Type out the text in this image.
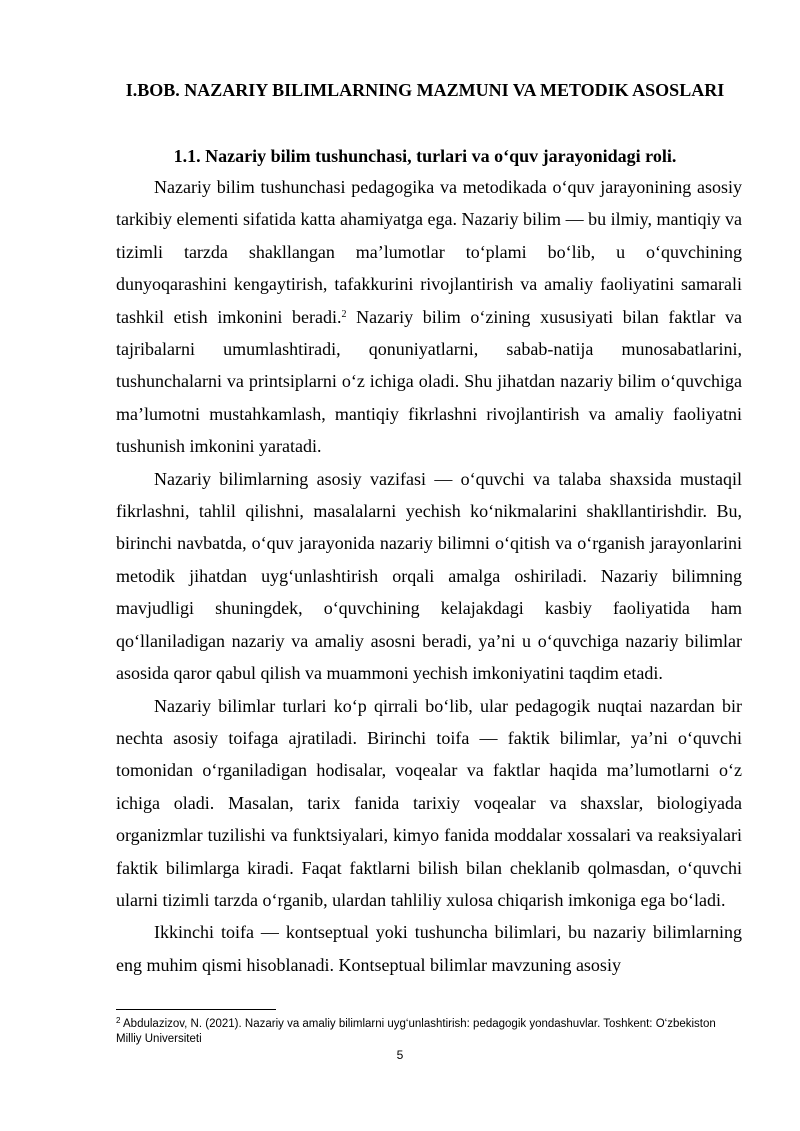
I.BOB. NAZARIY BILIMLARNING MAZMUNI VA METODIK ASOSLARI
1.1. Nazariy bilim tushunchasi, turlari va o‘quv jarayonidagi roli.

Nazariy bilim tushunchasi pedagogika va metodikada o‘quv jarayonining asosiy tarkibiy elementi sifatida katta ahamiyatga ega. Nazariy bilim — bu ilmiy, mantiqiy va tizimli tarzda shakllangan ma’lumotlar to‘plami bo‘lib, u o‘quvchining dunyoqarashini kengaytirish, tafakkurini rivojlantirish va amaliy faoliyatini samarali tashkil etish imkonini beradi.$^2$ Nazariy bilim o‘zining xususiyati bilan faktlar va tajribalarni umumlashtiradi, qonuniyatlarni, sabab-natija munosabatlarini, tushunchalarni va printsiplarni o‘z ichiga oladi. Shu jihatdan nazariy bilim o‘quvchiga ma’lumotni mustahkamlash, mantiqiy fikrlashni rivojlantirish va amaliy faoliyatni tushunish imkonini yaratadi.

Nazariy bilimlarning asosiy vazifasi — o‘quvchi va talaba shaxsida mustaqil fikrlashni, tahlil qilishni, masalalarni yechish ko‘nikmalarini shakllantirishdir. Bu, birinchi navbatda, o‘quv jarayonida nazariy bilimni o‘qitish va o‘rganish jarayonlarini metodik jihatdan uyg‘unlashtirish orqali amalga oshiriladi. Nazariy bilimning mavjudligi shuningdek, o‘quvchining kelajakdagi kasbiy faoliyatida ham qo‘llaniladigan nazariy va amaliy asosni beradi, ya’ni u o‘quvchiga nazariy bilimlar asosida qaror qabul qilish va muammoni yechish imkoniyatini taqdim etadi.

Nazariy bilimlar turlari ko‘p qirrali bo‘lib, ular pedagogik nuqtai nazardan bir nechta asosiy toifaga ajratiladi. Birinchi toifa — faktik bilimlar, ya’ni o‘quvchi tomonidan o‘rganiladigan hodisalar, voqealar va faktlar haqida ma’lumotlarni o‘z ichiga oladi. Masalan, tarix fanida tarixiy voqealar va shaxslar, biologiyada organizmlar tuzilishi va funktsiyalari, kimyo fanida moddalar xossalari va reaksiyalari faktik bilimlarga kiradi. Faqat faktlarni bilish bilan cheklanib qolmasdan, o‘quvchi ularni tizimli tarzda o‘rganib, ulardan tahliliy xulosa chiqarish imkoniga ega bo‘ladi.

Ikkinchi toifa — kontseptual yoki tushuncha bilimlari, bu nazariy bilimlarning eng muhim qismi hisoblanadi. Kontseptual bilimlar mavzuning asosiy

$^2$ Abdulazizov, N. (2021). Nazariy va amaliy bilimlarni uyg‘unlashtirish: pedagogik yondashuvlar. Toshkent: O‘zbekiston Milliy Universiteti

5
